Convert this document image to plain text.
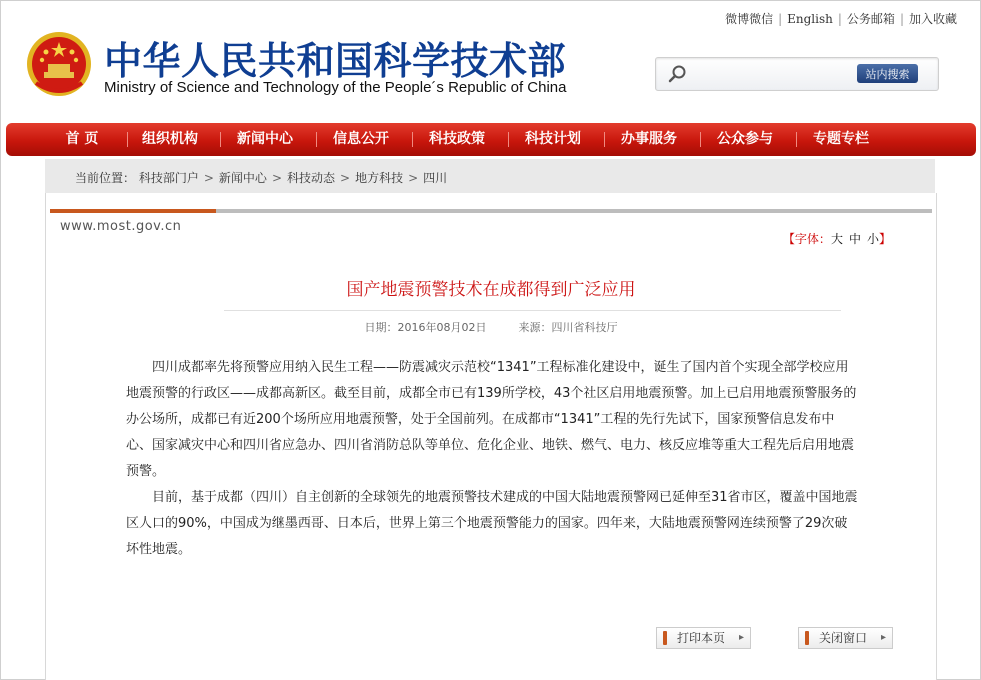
微博微信 | English | 公务邮箱 | 加入收藏
中华人民共和国科学技术部
Ministry of Science and Technology of the People´s Republic of China
站内搜索
首 页	组织机构	新闻中心	信息公开	科技政策	科技计划	办事服务	公众参与	专题专栏
当前位置： 科技部门户 > 新闻中心 > 科技动态 > 地方科技 > 四川
www.most.gov.cn
【字体：大 中 小】
国产地震预警技术在成都得到广泛应用
日期：2016年08月02日	来源：四川省科技厅

四川成都率先将预警应用纳入民生工程——防震减灾示范校“1341”工程标准化建设中，诞生了国内首个实现全部学校应用地震预警的行政区——成都高新区。截至目前，成都全市已有139所学校，43个社区启用地震预警。加上已启用地震预警服务的办公场所，成都已有近200个场所应用地震预警，处于全国前列。在成都市“1341”工程的先行先试下，国家预警信息发布中心、国家减灾中心和四川省应急办、四川省消防总队等单位、危化企业、地铁、燃气、电力、核反应堆等重大工程先后启用地震预警。

目前，基于成都（四川）自主创新的全球领先的地震预警技术建成的中国大陆地震预警网已延伸至31省市区，覆盖中国地震区人口的90%，中国成为继墨西哥、日本后，世界上第三个地震预警能力的国家。四年来，大陆地震预警网连续预警了29次破坏性地震。

打印本页 ▸	关闭窗口 ▸
